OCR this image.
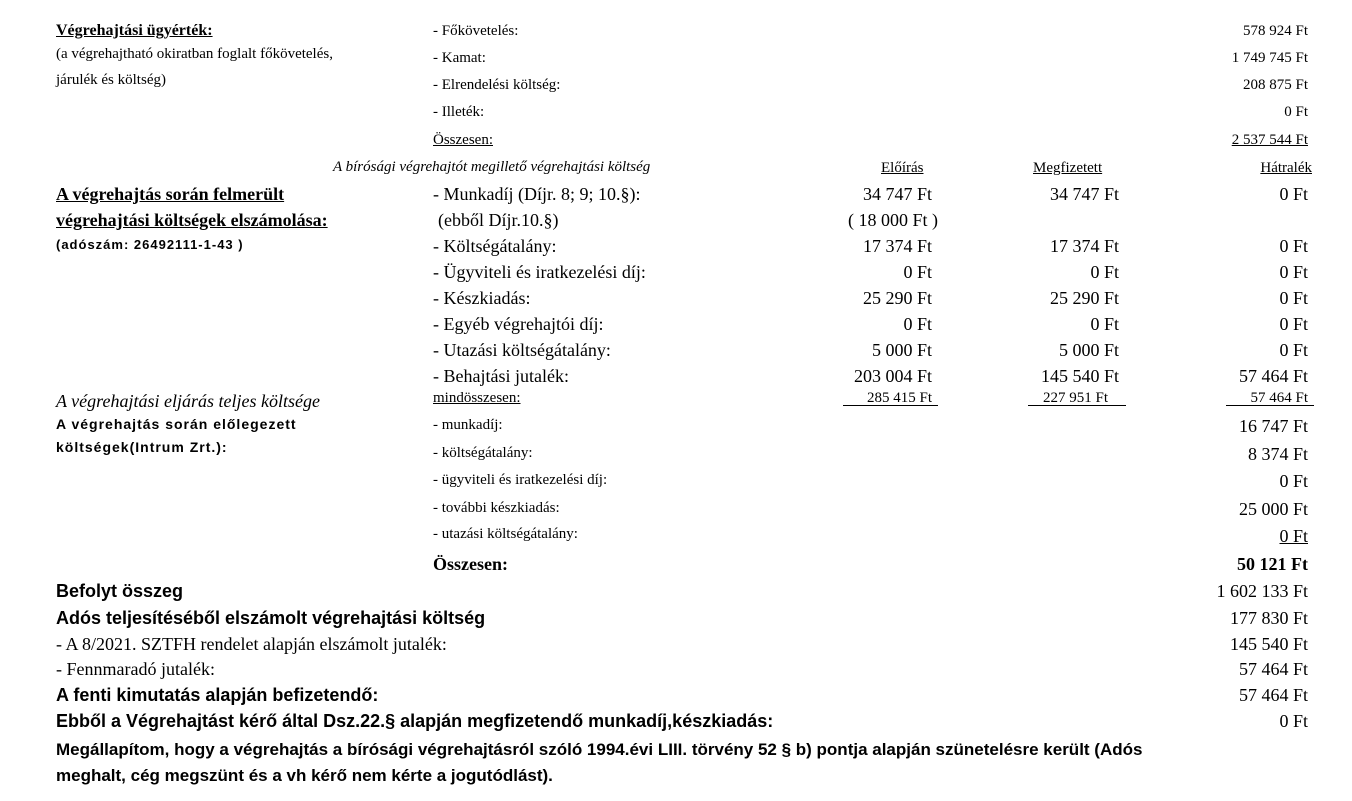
Végrehajtási ügyérték:
(a végrehajtható okiratban foglalt főkövetelés,
járulék és költség)
- Főkövetelés:	578 924 Ft
- Kamat:	1 749 745 Ft
- Elrendelési költség:	208 875 Ft
- Illeték:	0 Ft
Összesen:	2 537 544 Ft
A bírósági végrehajtót megillető végrehajtási költség	Előírás	Megfizetett	Hátralék
A végrehajtás során felmerült
végrehajtási költségek elszámolása:
(adószám: 26492111-1-43 )
- Munkadíj (Díjr. 8; 9; 10.§):	34 747 Ft	34 747 Ft	0 Ft
(ebből Díjr.10.§)	( 18 000 Ft )
- Költségátalány:	17 374 Ft	17 374 Ft	0 Ft
- Ügyviteli és iratkezelési díj:	0 Ft	0 Ft	0 Ft
- Készkiadás:	25 290 Ft	25 290 Ft	0 Ft
- Egyéb végrehajtói díj:	0 Ft	0 Ft	0 Ft
- Utazási költségátalány:	5 000 Ft	5 000 Ft	0 Ft
- Behajtási jutalék:	203 004 Ft	145 540 Ft	57 464 Ft
A végrehajtási eljárás teljes költsége	mindösszesen:	285 415 Ft	227 951 Ft	57 464 Ft
A végrehajtás során előlegezett
költségek(Intrum Zrt.):
- munkadíj:	16 747 Ft
- költségátalány:	8 374 Ft
- ügyviteli és iratkezelési díj:	0 Ft
- további készkiadás:	25 000 Ft
- utazási költségátalány:	0 Ft
Összesen:	50 121 Ft
Befolyt összeg	1 602 133 Ft
Adós teljesítéséből elszámolt végrehajtási költség	177 830 Ft
- A 8/2021. SZTFH rendelet alapján elszámolt jutalék:	145 540 Ft
- Fennmaradó jutalék:	57 464 Ft
A fenti kimutatás alapján befizetendő:	57 464 Ft
Ebből a Végrehajtást kérő által Dsz.22.§ alapján megfizetendő munkadíj,készkiadás:	0 Ft
Megállapítom, hogy a végrehajtás a bírósági végrehajtásról szóló 1994.évi LIII. törvény 52 § b) pontja alapján szünetelésre került (Adós
meghalt, cég megszünt és a vh kérő nem kérte a jogutódlást).
